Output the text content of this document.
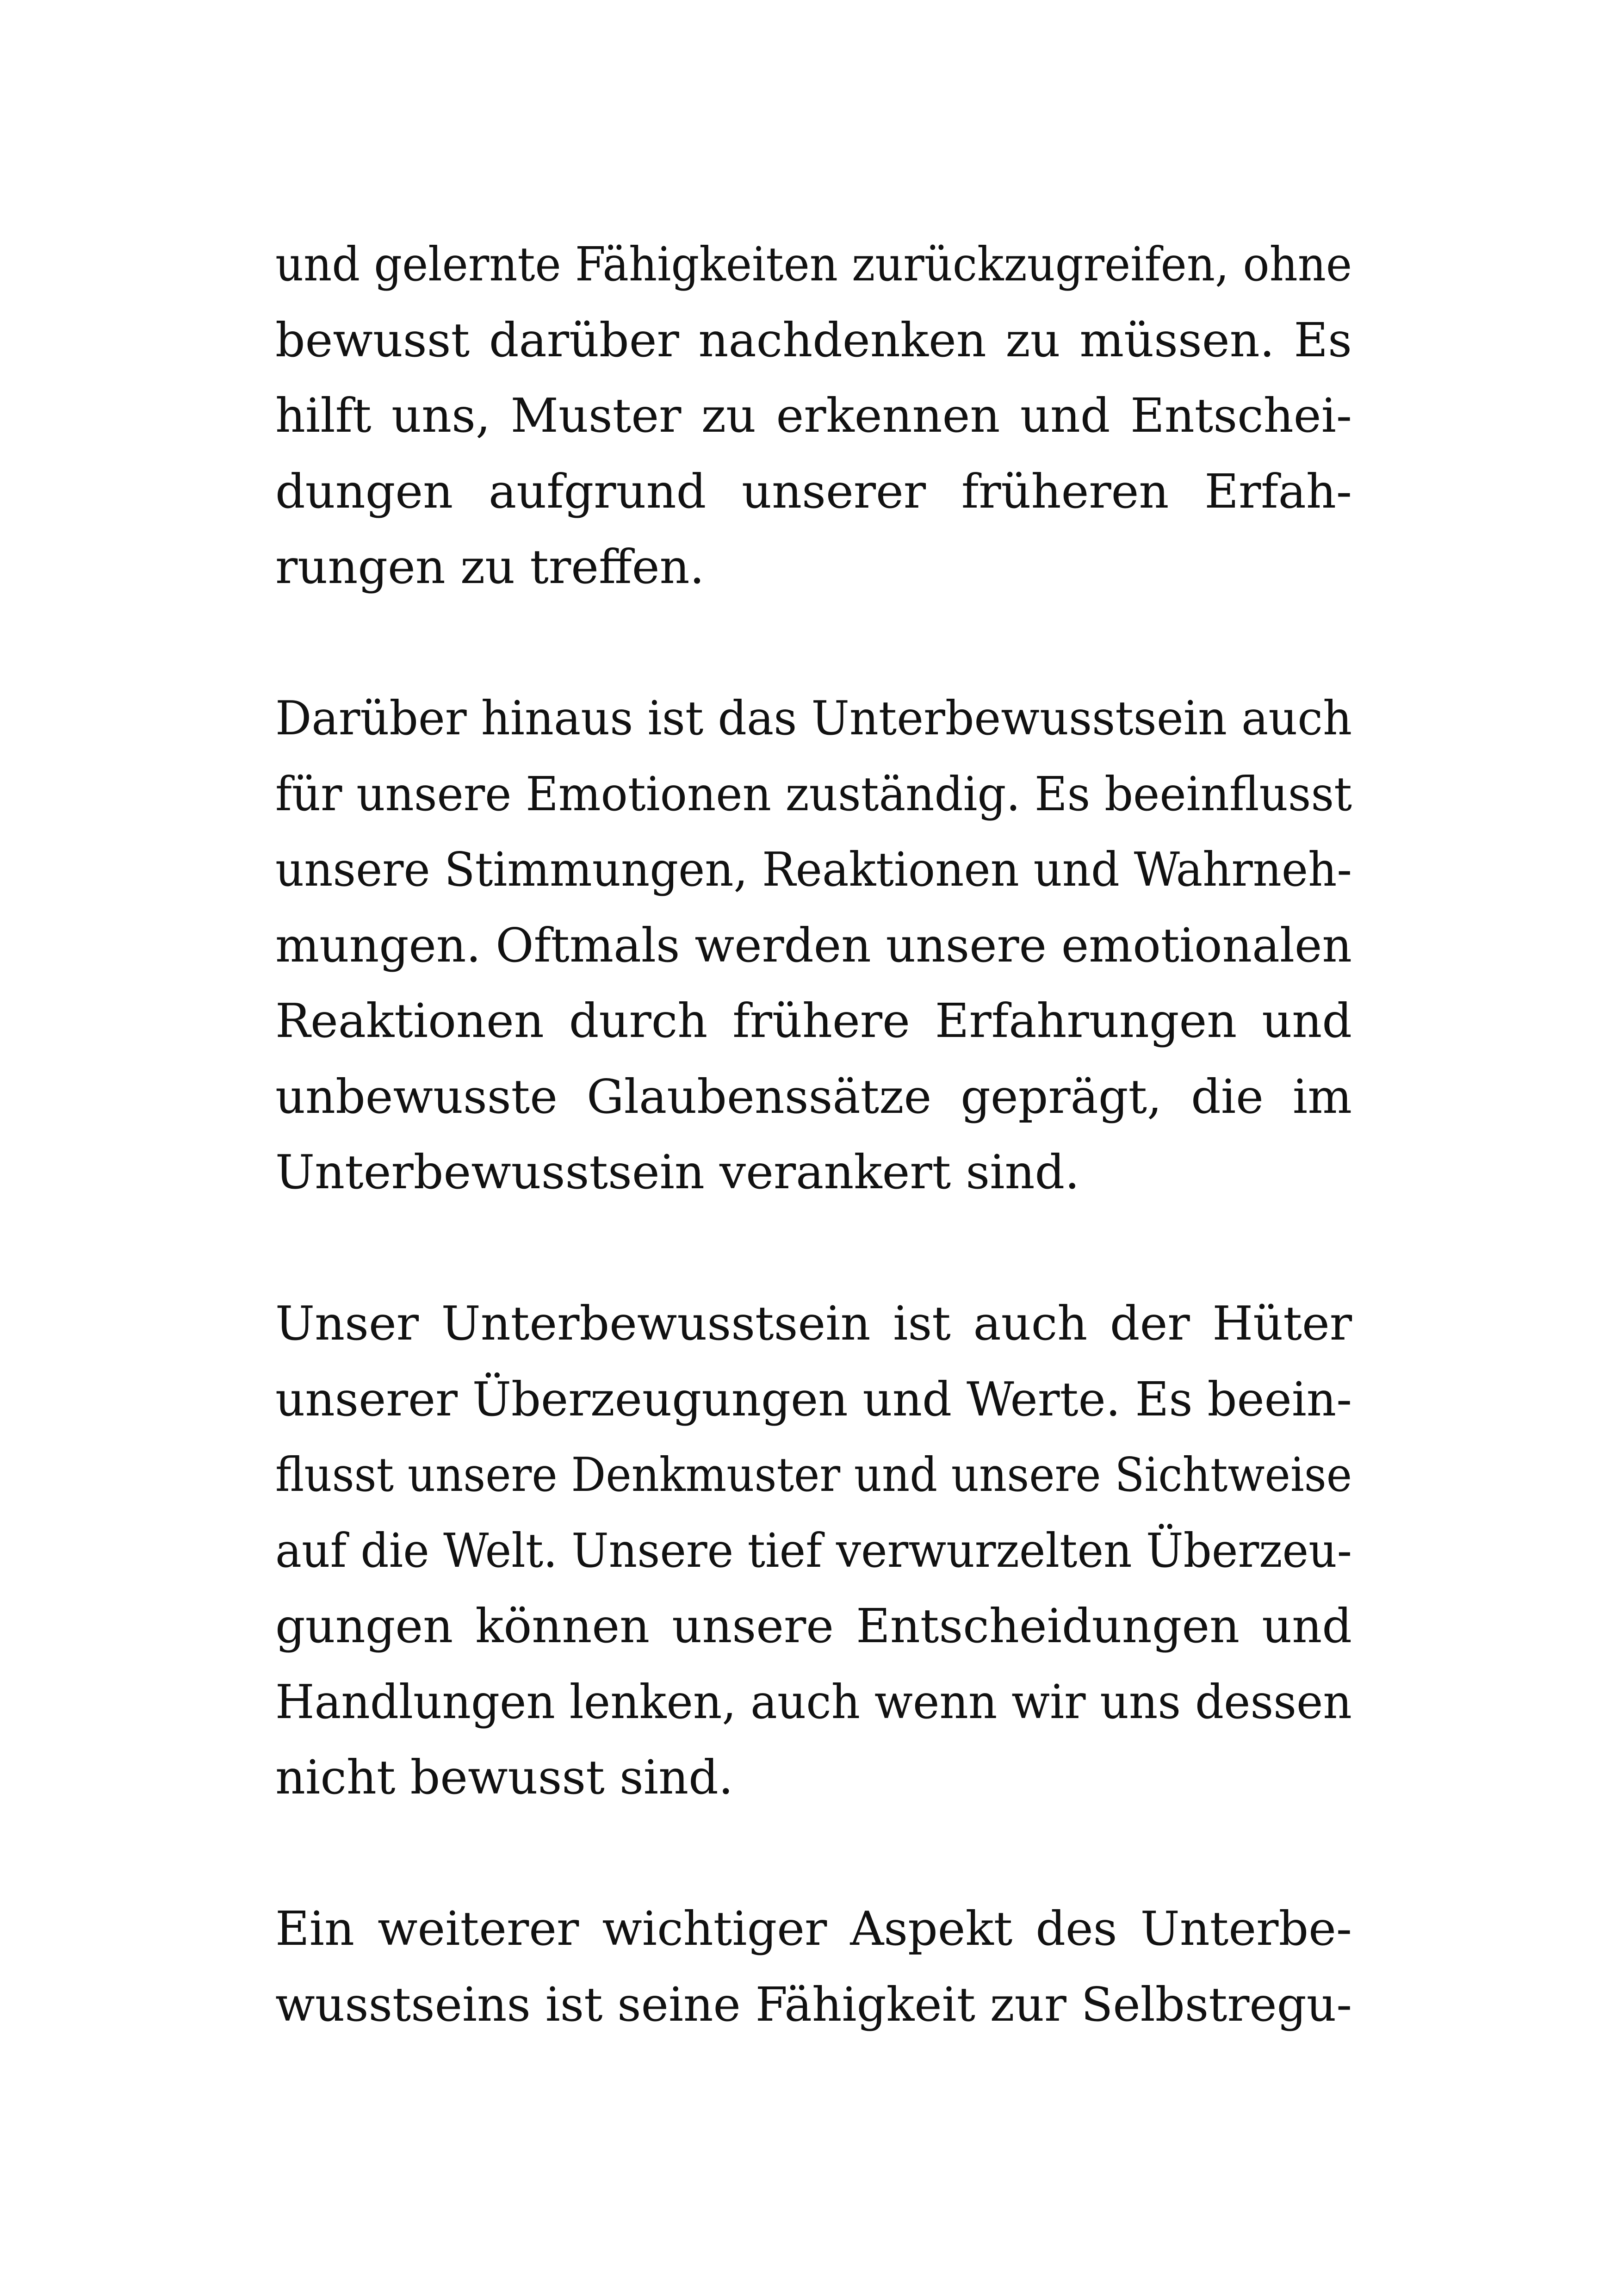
und gelernte Fähigkeiten zurückzugreifen, ohne
bewusst darüber nachdenken zu müssen. Es
hilft uns, Muster zu erkennen und Entschei-
dungen aufgrund unserer früheren Erfah-
rungen zu treffen.
Darüber hinaus ist das Unterbewusstsein auch
für unsere Emotionen zuständig. Es beeinflusst
unsere Stimmungen, Reaktionen und Wahrneh-
mungen. Oftmals werden unsere emotionalen
Reaktionen durch frühere Erfahrungen und
unbewusste Glaubenssätze geprägt, die im
Unterbewusstsein verankert sind.
Unser Unterbewusstsein ist auch der Hüter
unserer Überzeugungen und Werte. Es beein-
flusst unsere Denkmuster und unsere Sichtweise
auf die Welt. Unsere tief verwurzelten Überzeu-
gungen können unsere Entscheidungen und
Handlungen lenken, auch wenn wir uns dessen
nicht bewusst sind.
Ein weiterer wichtiger Aspekt des Unterbe-
wusstseins ist seine Fähigkeit zur Selbstregu-
